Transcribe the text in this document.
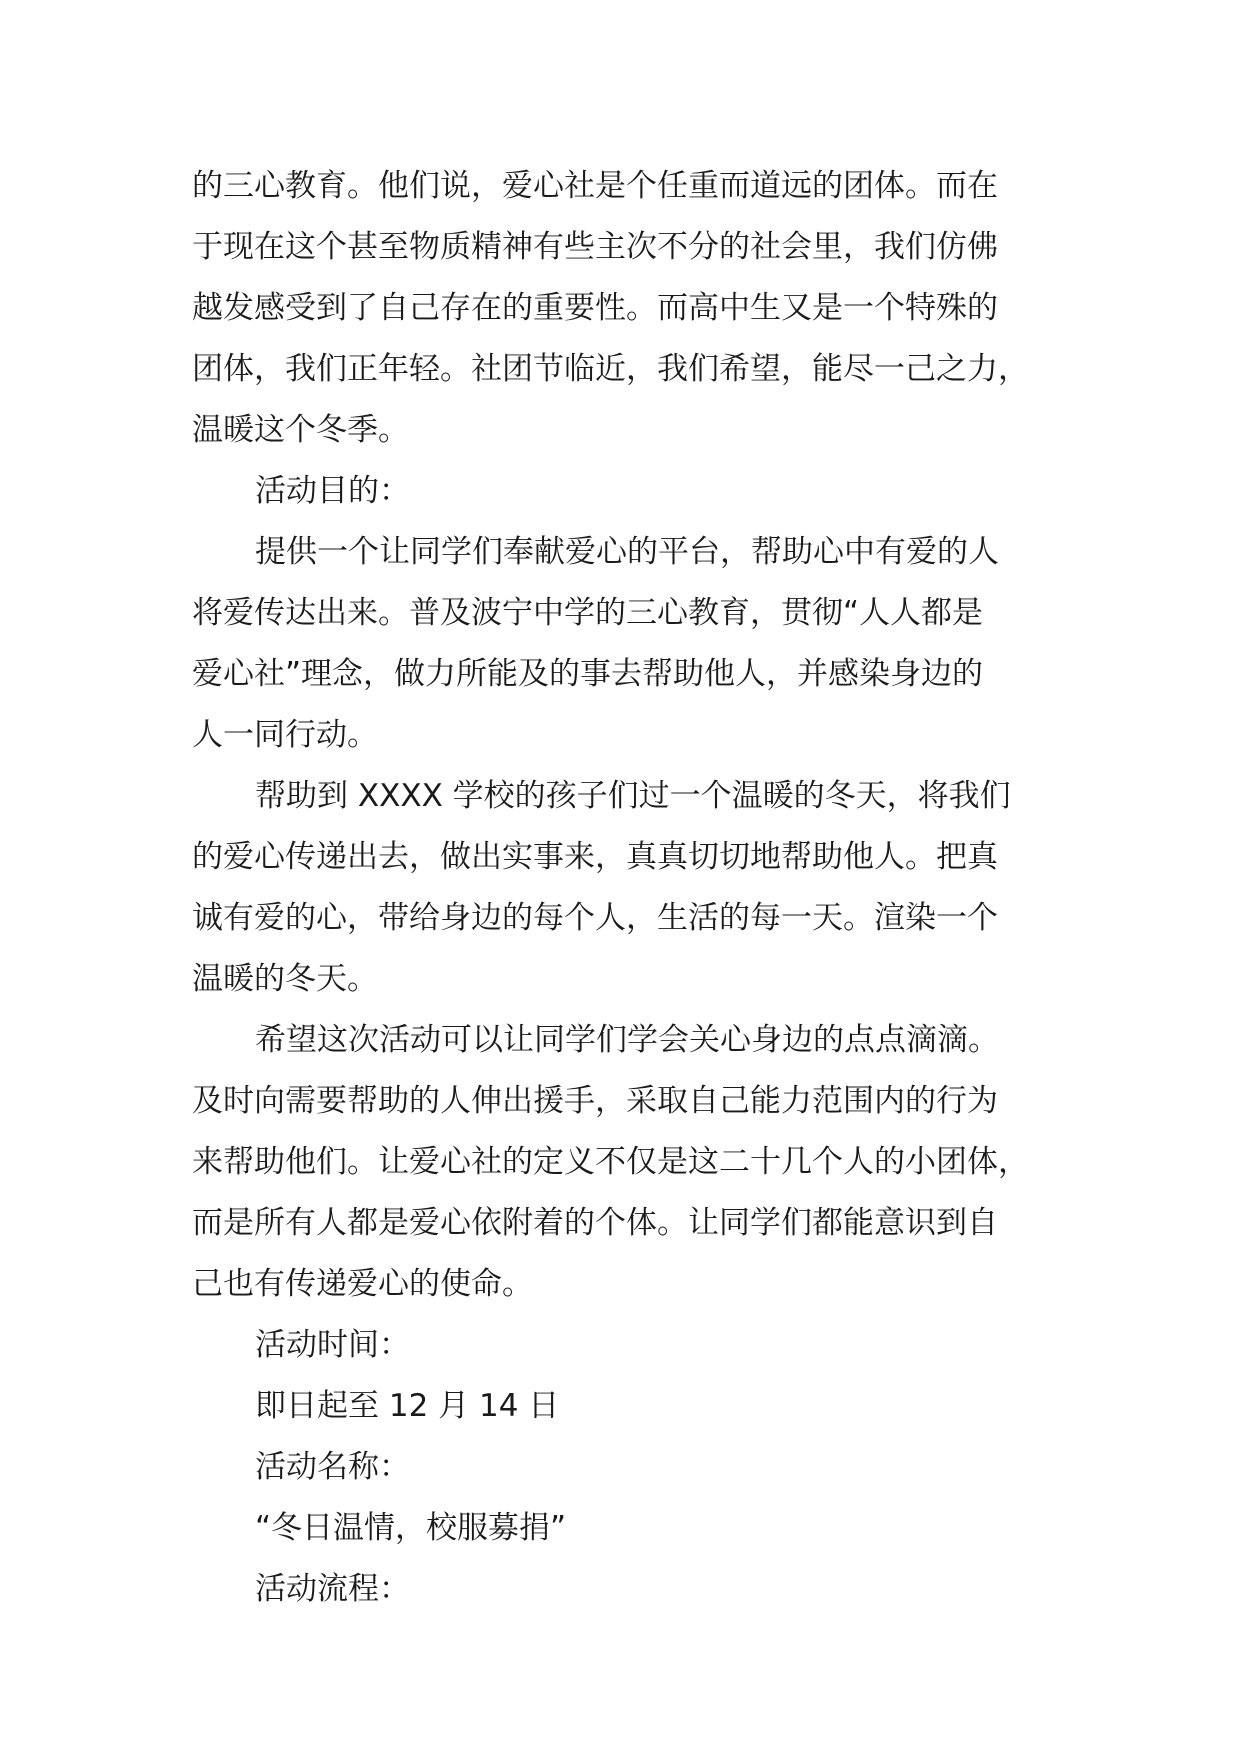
的三心教育。他们说，爱心社是个任重而道远的团体。而在
于现在这个甚至物质精神有些主次不分的社会里，我们仿佛
越发感受到了自己存在的重要性。而高中生又是一个特殊的
团体，我们正年轻。社团节临近，我们希望，能尽一己之力，
温暖这个冬季。
活动目的：
提供一个让同学们奉献爱心的平台，帮助心中有爱的人
将爱传达出来。普及波宁中学的三心教育，贯彻“人人都是
爱心社”理念，做力所能及的事去帮助他人，并感染身边的
人一同行动。
帮助到 XXXX 学校的孩子们过一个温暖的冬天，将我们
的爱心传递出去，做出实事来，真真切切地帮助他人。把真
诚有爱的心，带给身边的每个人，生活的每一天。渲染一个
温暖的冬天。
希望这次活动可以让同学们学会关心身边的点点滴滴。
及时向需要帮助的人伸出援手，采取自己能力范围内的行为
来帮助他们。让爱心社的定义不仅是这二十几个人的小团体，
而是所有人都是爱心依附着的个体。让同学们都能意识到自
己也有传递爱心的使命。
活动时间：
即日起至 12 月 14 日
活动名称：
“冬日温情，校服募捐”
活动流程：
